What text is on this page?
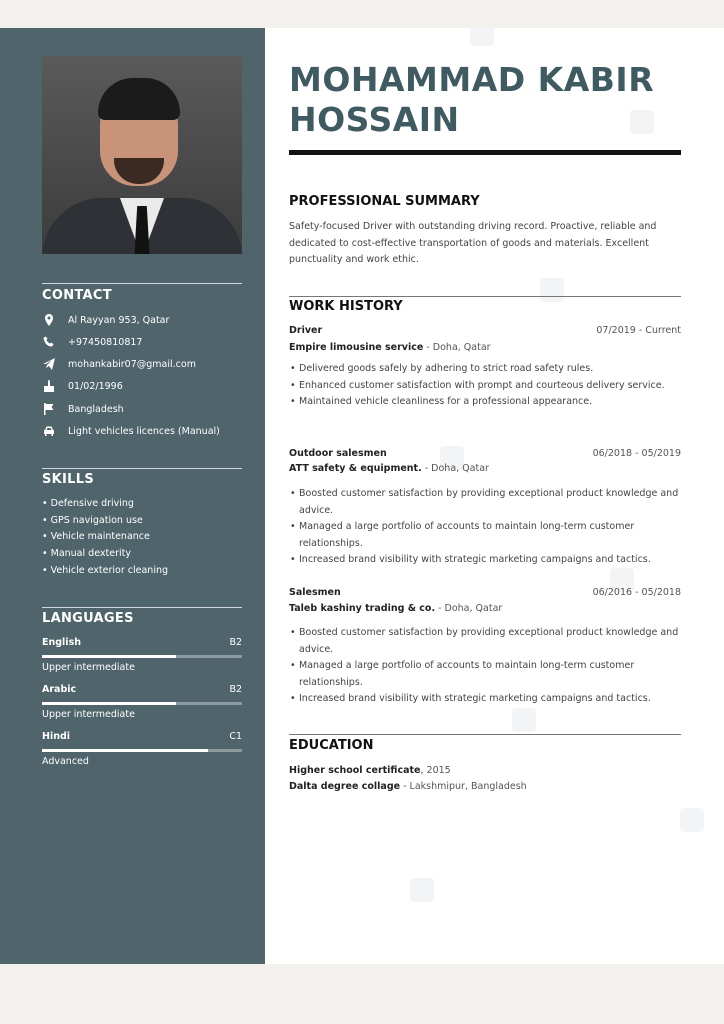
CONTACT
Al Rayyan 953, Qatar
+97450810817
mohankabir07@gmail.com
01/02/1996
Bangladesh
Light vehicles licences (Manual)
SKILLS
• Defensive driving
• GPS navigation use
• Vehicle maintenance
• Manual dexterity
• Vehicle exterior cleaning
LANGUAGES
English	B2
Upper intermediate
Arabic	B2
Upper intermediate
Hindi	C1
Advanced
MOHAMMAD KABIR
HOSSAIN
PROFESSIONAL SUMMARY
Safety-focused Driver with outstanding driving record. Proactive, reliable and dedicated to cost-effective transportation of goods and materials. Excellent punctuality and work ethic.
WORK HISTORY
Driver	07/2019 - Current
Empire limousine service - Doha, Qatar
• Delivered goods safely by adhering to strict road safety rules.
• Enhanced customer satisfaction with prompt and courteous delivery service.
• Maintained vehicle cleanliness for a professional appearance.
Outdoor salesmen	06/2018 - 05/2019
ATT safety & equipment. - Doha, Qatar
• Boosted customer satisfaction by providing exceptional product knowledge and advice.
• Managed a large portfolio of accounts to maintain long-term customer relationships.
• Increased brand visibility with strategic marketing campaigns and tactics.
Salesmen	06/2016 - 05/2018
Taleb kashiny trading & co. - Doha, Qatar
• Boosted customer satisfaction by providing exceptional product knowledge and advice.
• Managed a large portfolio of accounts to maintain long-term customer relationships.
• Increased brand visibility with strategic marketing campaigns and tactics.
EDUCATION
Higher school certificate, 2015
Dalta degree collage - Lakshmipur, Bangladesh
